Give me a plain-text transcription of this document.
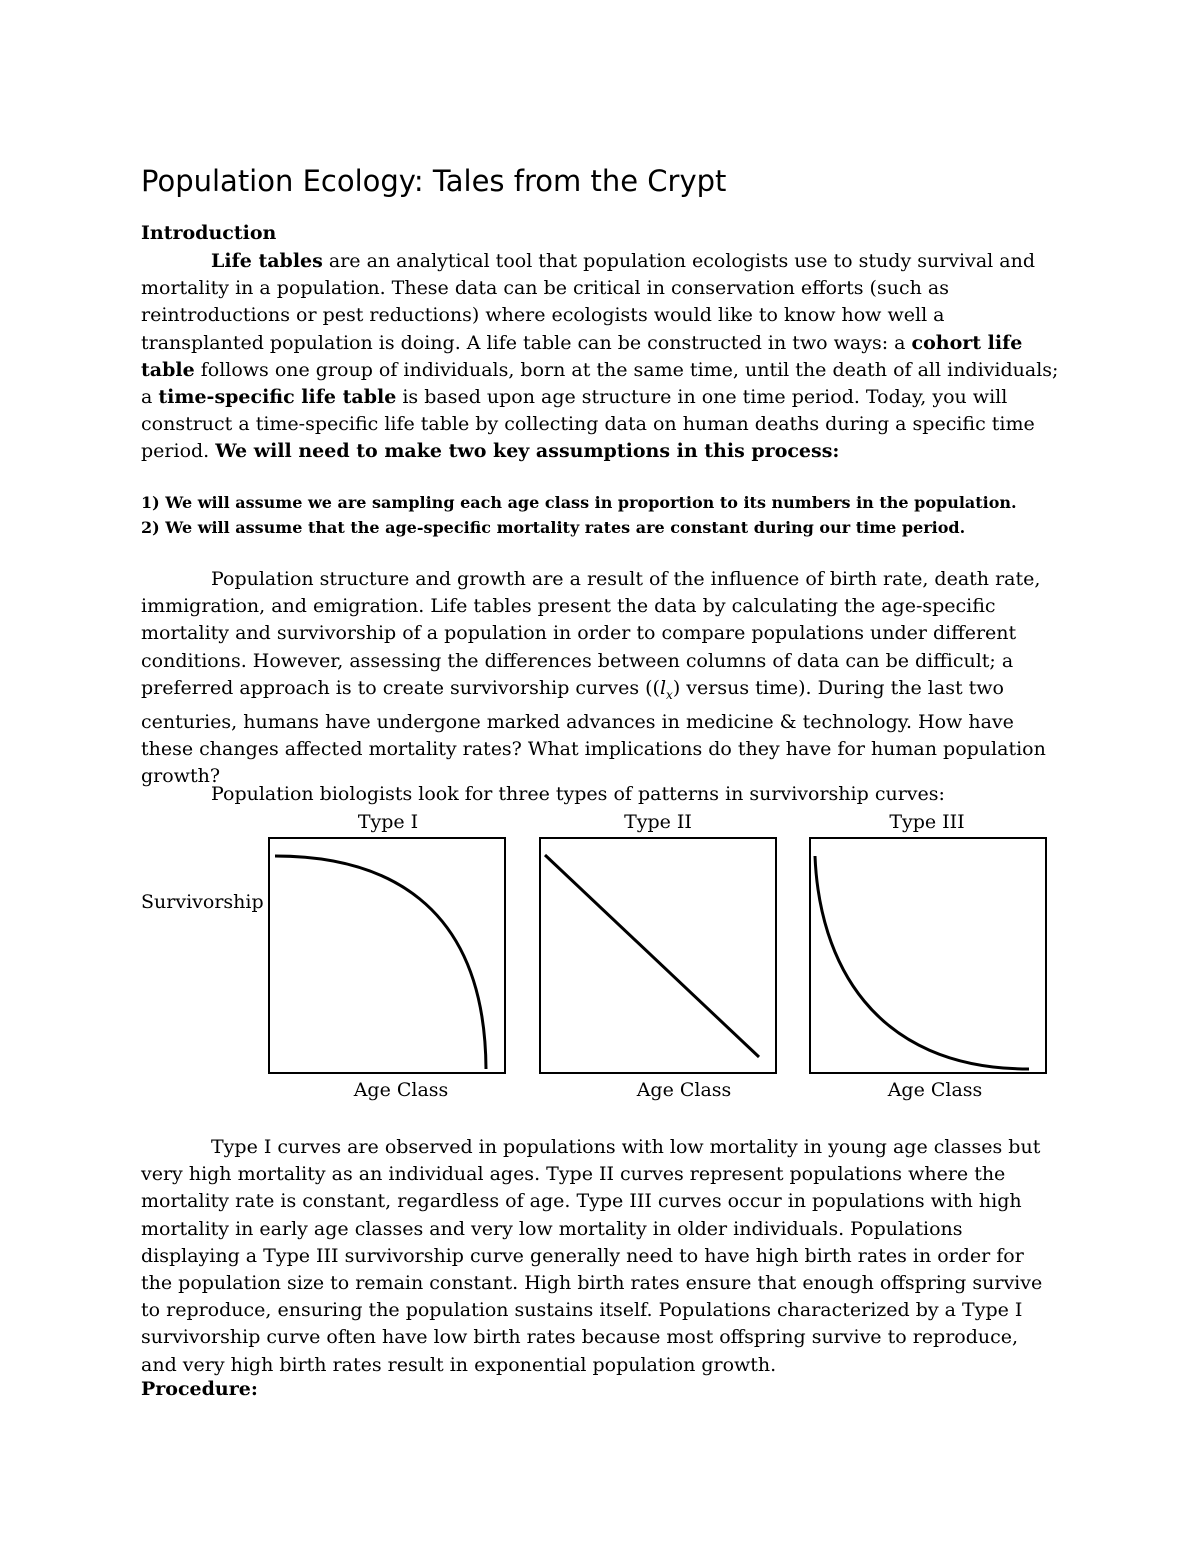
Population Ecology: Tales from the Crypt
Introduction

Life tables are an analytical tool that population ecologists use to study survival and mortality in a population. These data can be critical in conservation efforts (such as reintroductions or pest reductions) where ecologists would like to know how well a transplanted population is doing. A life table can be constructed in two ways: a cohort life table follows one group of individuals, born at the same time, until the death of all individuals; a time-specific life table is based upon age structure in one time period. Today, you will construct a time-specific life table by collecting data on human deaths during a specific time period. We will need to make two key assumptions in this process:

1) We will assume we are sampling each age class in proportion to its numbers in the population.

2) We will assume that the age-specific mortality rates are constant during our time period.

Population structure and growth are a result of the influence of birth rate, death rate, immigration, and emigration. Life tables present the data by calculating the age-specific mortality and survivorship of a population in order to compare populations under different conditions. However, assessing the differences between columns of data can be difficult; a preferred approach is to create survivorship curves ($(l_x)$ versus time). During the last two centuries, humans have undergone marked advances in medicine & technology. How have these changes affected mortality rates? What implications do they have for human population growth?

Population biologists look for three types of patterns in survivorship curves:

Survivorship
Type I	Type II	Type III
Age Class	Age Class	Age Class

Type I curves are observed in populations with low mortality in young age classes but very high mortality as an individual ages. Type II curves represent populations where the mortality rate is constant, regardless of age. Type III curves occur in populations with high mortality in early age classes and very low mortality in older individuals. Populations displaying a Type III survivorship curve generally need to have high birth rates in order for the population size to remain constant. High birth rates ensure that enough offspring survive to reproduce, ensuring the population sustains itself. Populations characterized by a Type I survivorship curve often have low birth rates because most offspring survive to reproduce, and very high birth rates result in exponential population growth.

Procedure:
